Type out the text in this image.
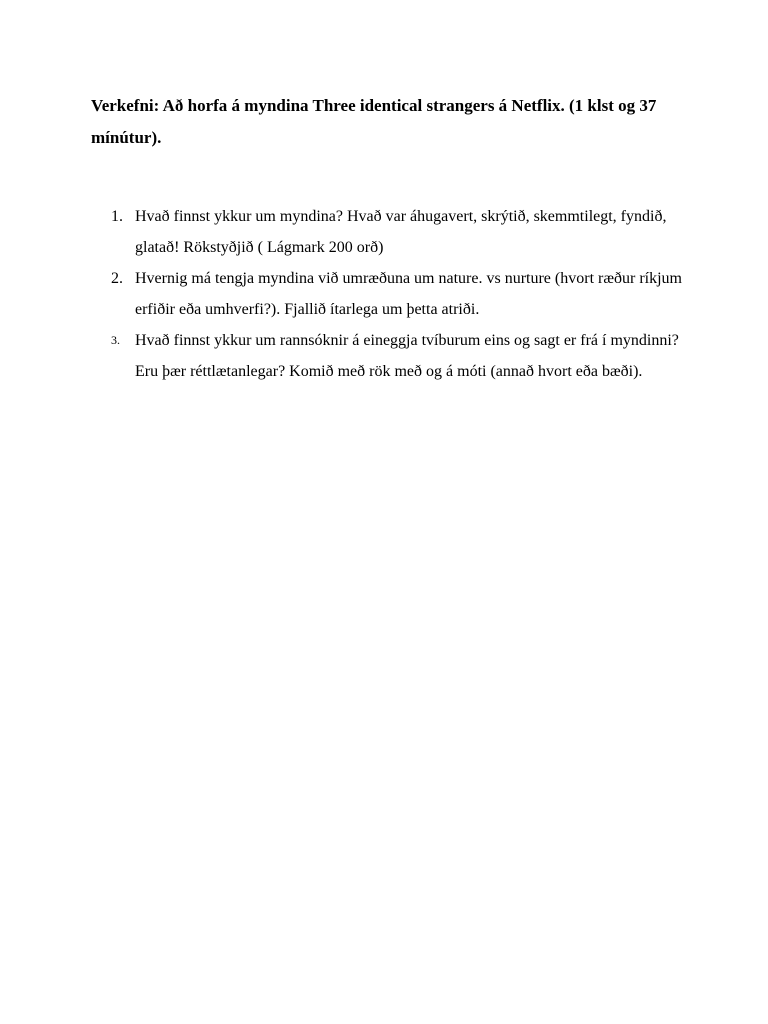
Verkefni: Að horfa á myndina Three identical strangers á Netflix. (1 klst og 37 mínútur).

1. Hvað finnst ykkur um myndina? Hvað var áhugavert, skrýtið, skemmtilegt, fyndið, glatað! Rökstyðjið ( Lágmark 200 orð)
2. Hvernig má tengja myndina við umræðuna um nature. vs nurture (hvort ræður ríkjum erfiðir eða umhverfi?). Fjallið ítarlega um þetta atriði.
3. Hvað finnst ykkur um rannsóknir á eineggja tvíburum eins og sagt er frá í myndinni? Eru þær réttlætanlegar? Komið með rök með og á móti (annað hvort eða bæði).
